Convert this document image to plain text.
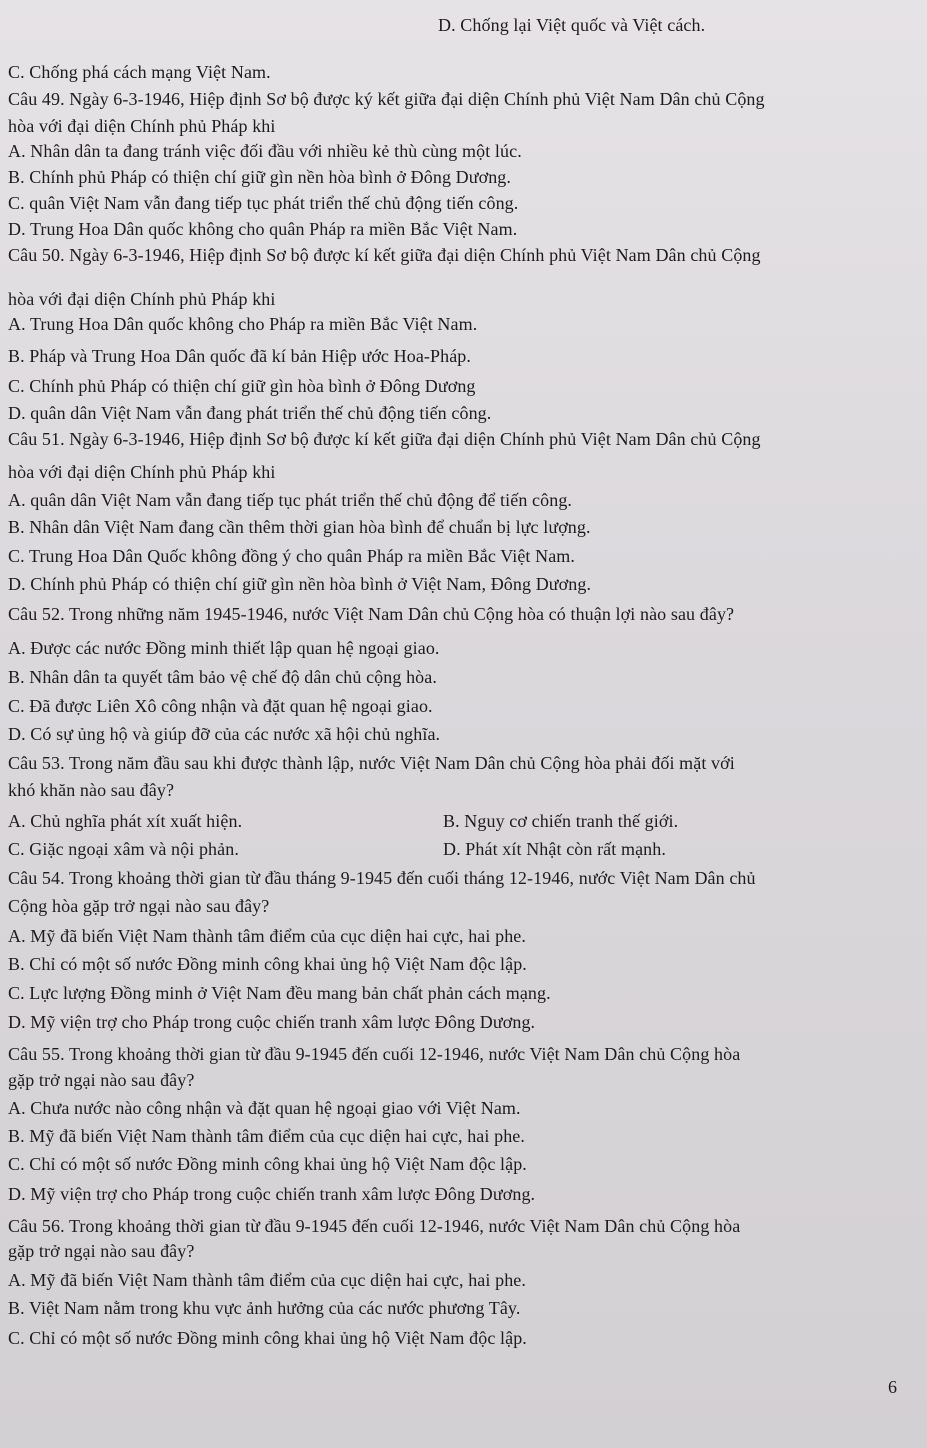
D. Chống lại Việt quốc và Việt cách.
C. Chống phá cách mạng Việt Nam.
Câu 49. Ngày 6-3-1946, Hiệp định Sơ bộ được ký kết giữa đại diện Chính phủ Việt Nam Dân chủ Cộng
hòa với đại diện Chính phủ Pháp khi
A. Nhân dân ta đang tránh việc đối đầu với nhiều kẻ thù cùng một lúc.
B. Chính phủ Pháp có thiện chí giữ gìn nền hòa bình ở Đông Dương.
C. quân Việt Nam vẫn đang tiếp tục phát triển thế chủ động tiến công.
D. Trung Hoa Dân quốc không cho quân Pháp ra miền Bắc Việt Nam.
Câu 50. Ngày 6-3-1946, Hiệp định Sơ bộ được kí kết giữa đại diện Chính phủ Việt Nam Dân chủ Cộng
hòa với đại diện Chính phủ Pháp khi
A. Trung Hoa Dân quốc không cho Pháp ra miền Bắc Việt Nam.
B. Pháp và Trung Hoa Dân quốc đã kí bản Hiệp ước Hoa-Pháp.
C. Chính phủ Pháp có thiện chí giữ gìn hòa bình ở Đông Dương
D. quân dân Việt Nam vẫn đang phát triển thế chủ động tiến công.
Câu 51. Ngày 6-3-1946, Hiệp định Sơ bộ được kí kết giữa đại diện Chính phủ Việt Nam Dân chủ Cộng
hòa với đại diện Chính phủ Pháp khi
A. quân dân Việt Nam vẫn đang tiếp tục phát triển thế chủ động để tiến công.
B. Nhân dân Việt Nam đang cần thêm thời gian hòa bình để chuẩn bị lực lượng.
C. Trung Hoa Dân Quốc không đồng ý cho quân Pháp ra miền Bắc Việt Nam.
D. Chính phủ Pháp có thiện chí giữ gìn nền hòa bình ở Việt Nam, Đông Dương.
Câu 52. Trong những năm 1945-1946, nước Việt Nam Dân chủ Cộng hòa có thuận lợi nào sau đây?
A. Được các nước Đồng minh thiết lập quan hệ ngoại giao.
B. Nhân dân ta quyết tâm bảo vệ chế độ dân chủ cộng hòa.
C. Đã được Liên Xô công nhận và đặt quan hệ ngoại giao.
D. Có sự ủng hộ và giúp đỡ của các nước xã hội chủ nghĩa.
Câu 53. Trong năm đầu sau khi được thành lập, nước Việt Nam Dân chủ Cộng hòa phải đối mặt với
khó khăn nào sau đây?
A. Chủ nghĩa phát xít xuất hiện.	B. Nguy cơ chiến tranh thế giới.
C. Giặc ngoại xâm và nội phản.	D. Phát xít Nhật còn rất mạnh.
Câu 54. Trong khoảng thời gian từ đầu tháng 9-1945 đến cuối tháng 12-1946, nước Việt Nam Dân chủ
Cộng hòa gặp trở ngại nào sau đây?
A. Mỹ đã biến Việt Nam thành tâm điểm của cục diện hai cực, hai phe.
B. Chỉ có một số nước Đồng minh công khai ủng hộ Việt Nam độc lập.
C. Lực lượng Đồng minh ở Việt Nam đều mang bản chất phản cách mạng.
D. Mỹ viện trợ cho Pháp trong cuộc chiến tranh xâm lược Đông Dương.
Câu 55. Trong khoảng thời gian từ đầu 9-1945 đến cuối 12-1946, nước Việt Nam Dân chủ Cộng hòa
gặp trở ngại nào sau đây?
A. Chưa nước nào công nhận và đặt quan hệ ngoại giao với Việt Nam.
B. Mỹ đã biến Việt Nam thành tâm điểm của cục diện hai cực, hai phe.
C. Chỉ có một số nước Đồng minh công khai ủng hộ Việt Nam độc lập.
D. Mỹ viện trợ cho Pháp trong cuộc chiến tranh xâm lược Đông Dương.
Câu 56. Trong khoảng thời gian từ đầu 9-1945 đến cuối 12-1946, nước Việt Nam Dân chủ Cộng hòa
gặp trở ngại nào sau đây?
A. Mỹ đã biến Việt Nam thành tâm điểm của cục diện hai cực, hai phe.
B. Việt Nam nằm trong khu vực ảnh hưởng của các nước phương Tây.
C. Chỉ có một số nước Đồng minh công khai ủng hộ Việt Nam độc lập.
6
